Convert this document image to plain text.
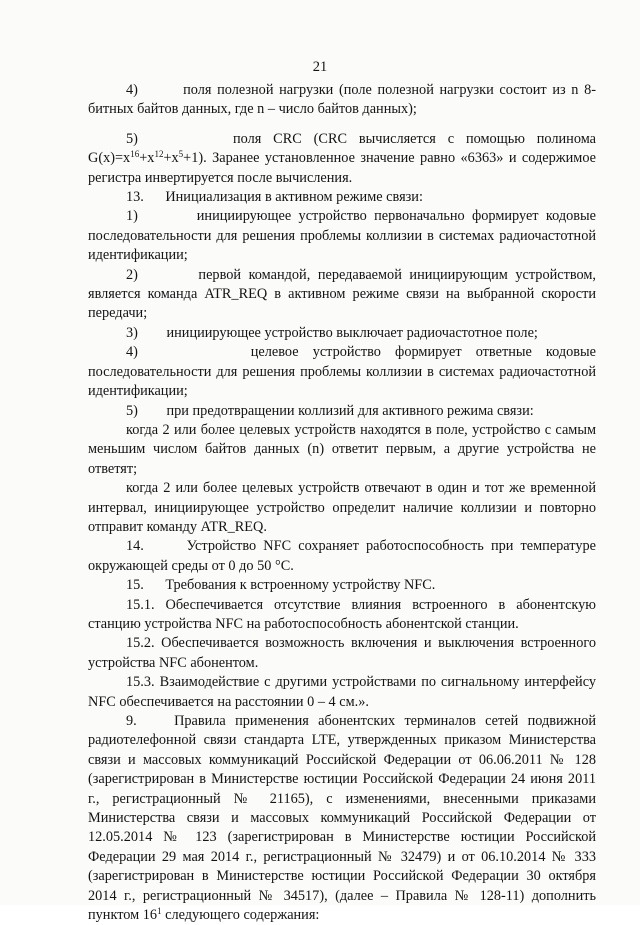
21

4)        поля полезной нагрузки (поле полезной нагрузки состоит из n 8-битных байтов данных, где n – число байтов данных);

5)        поля CRC (CRC вычисляется с помощью полинома $G(x)=x^{16}+x^{12}+x^5+1$). Заранее установленное значение равно «6363» и содержимое регистра инвертируется после вычисления.

13.      Инициализация в активном режиме связи:

1)        инициирующее устройство первоначально формирует кодовые последовательности для решения проблемы коллизии в системах радиочастотной идентификации;

2)        первой командой, передаваемой инициирующим устройством, является команда ATR_REQ в активном режиме связи на выбранной скорости передачи;

3)        инициирующее устройство выключает радиочастотное поле;

4)        целевое устройство формирует ответные кодовые последовательности для решения проблемы коллизии в системах радиочастотной идентификации;

5)        при предотвращении коллизий для активного режима связи:

когда 2 или более целевых устройств находятся в поле, устройство с самым меньшим числом байтов данных (n) ответит первым, а другие устройства не ответят;

когда 2 или более целевых устройств отвечают в один и тот же временной интервал, инициирующее устройство определит наличие коллизии и повторно отправит команду ATR_REQ.

14.      Устройство NFC сохраняет работоспособность при температуре окружающей среды от 0 до 50 °С.

15.      Требования к встроенному устройству NFC.

15.1. Обеспечивается отсутствие влияния встроенного в абонентскую станцию устройства NFC на работоспособность абонентской станции.

15.2. Обеспечивается возможность включения и выключения встроенного устройства NFC абонентом.

15.3. Взаимодействие с другими устройствами по сигнальному интерфейсу NFC обеспечивается на расстоянии 0 – 4 см.».

9.    Правила применения абонентских терминалов сетей подвижной радиотелефонной связи стандарта LTE, утвержденных приказом Министерства связи и массовых коммуникаций Российской Федерации от 06.06.2011 № 128 (зарегистрирован в Министерстве юстиции Российской Федерации 24 июня 2011 г., регистрационный № 21165), с изменениями, внесенными приказами Министерства связи и массовых коммуникаций Российской Федерации от 12.05.2014 № 123 (зарегистрирован в Министерстве юстиции Российской Федерации 29 мая 2014 г., регистрационный № 32479) и от 06.10.2014 № 333 (зарегистрирован в Министерстве юстиции Российской Федерации 30 октября 2014 г., регистрационный № 34517), (далее – Правила № 128-11) дополнить пунктом $16^1$ следующего содержания:
